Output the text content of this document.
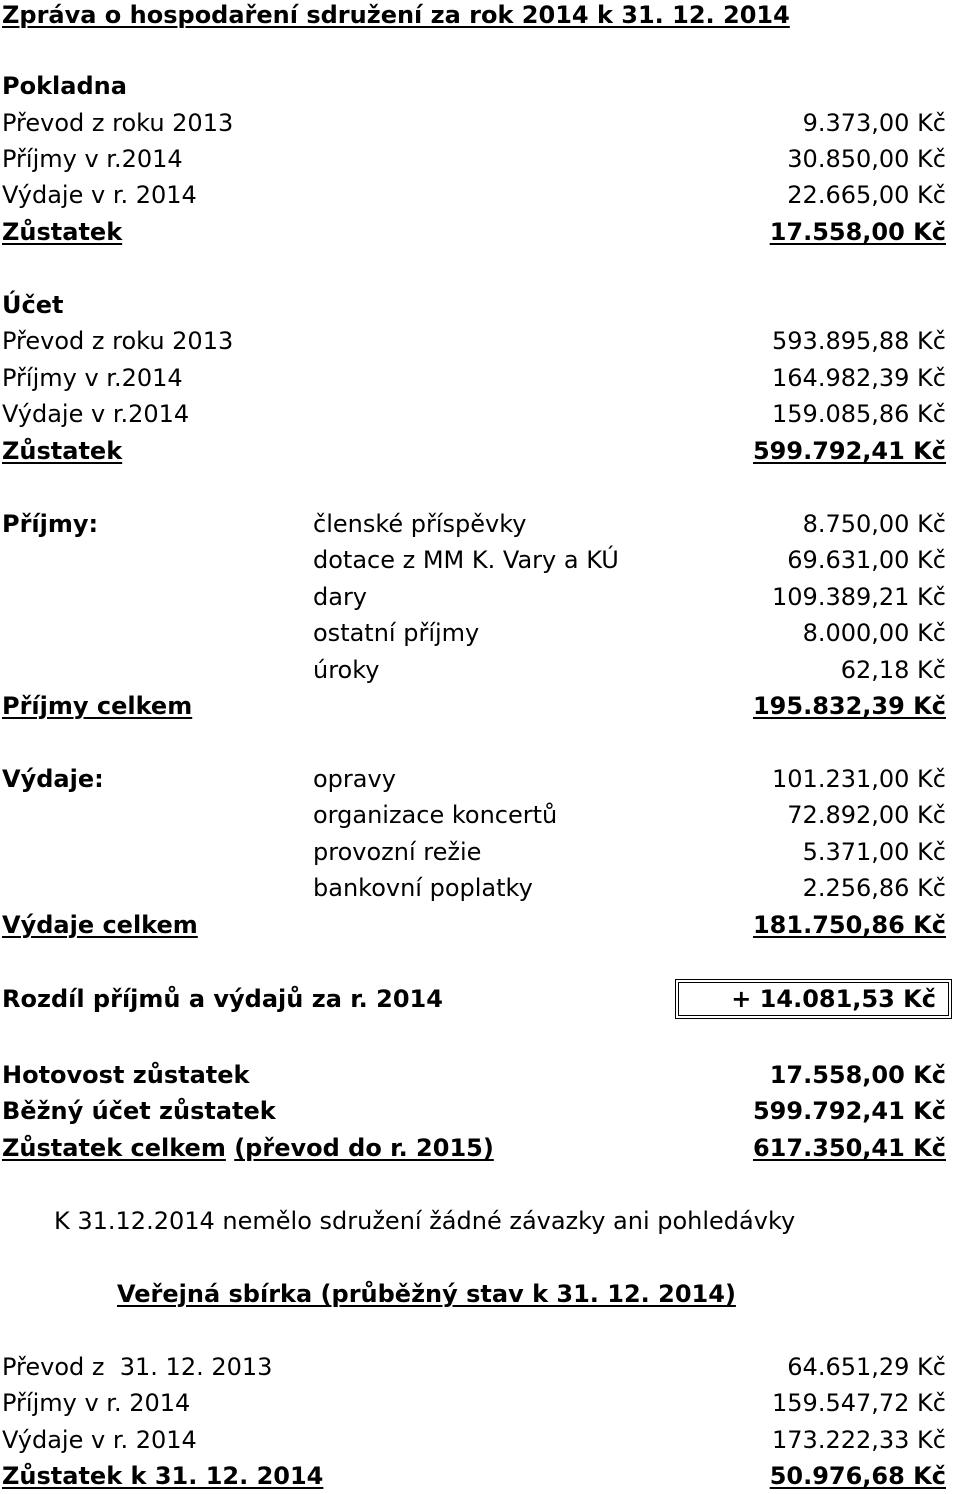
Zpráva o hospodaření sdružení za rok 2014 k 31. 12. 2014
Pokladna
Převod z roku 2013	9.373,00 Kč
Příjmy v r.2014	30.850,00 Kč
Výdaje v r. 2014	22.665,00 Kč
Zůstatek	17.558,00 Kč
Účet
Převod z roku 2013	593.895,88 Kč
Příjmy v r.2014	164.982,39 Kč
Výdaje v r.2014	159.085,86 Kč
Zůstatek	599.792,41 Kč
Příjmy:	členské příspěvky	8.750,00 Kč
dotace z MM K. Vary a KÚ	69.631,00 Kč
dary	109.389,21 Kč
ostatní příjmy	8.000,00 Kč
úroky	62,18 Kč
Příjmy celkem	195.832,39 Kč
Výdaje:	opravy	101.231,00 Kč
organizace koncertů	72.892,00 Kč
provozní režie	5.371,00 Kč
bankovní poplatky	2.256,86 Kč
Výdaje celkem	181.750,86 Kč
Rozdíl příjmů a výdajů za r. 2014	+ 14.081,53 Kč
Hotovost zůstatek	17.558,00 Kč
Běžný účet zůstatek	599.792,41 Kč
Zůstatek celkem (převod do r. 2015)	617.350,41 Kč
K 31.12.2014 nemělo sdružení žádné závazky ani pohledávky
Veřejná sbírka (průběžný stav k 31. 12. 2014)
Převod z  31. 12. 2013	64.651,29 Kč
Příjmy v r. 2014	159.547,72 Kč
Výdaje v r. 2014	173.222,33 Kč
Zůstatek k 31. 12. 2014	50.976,68 Kč
